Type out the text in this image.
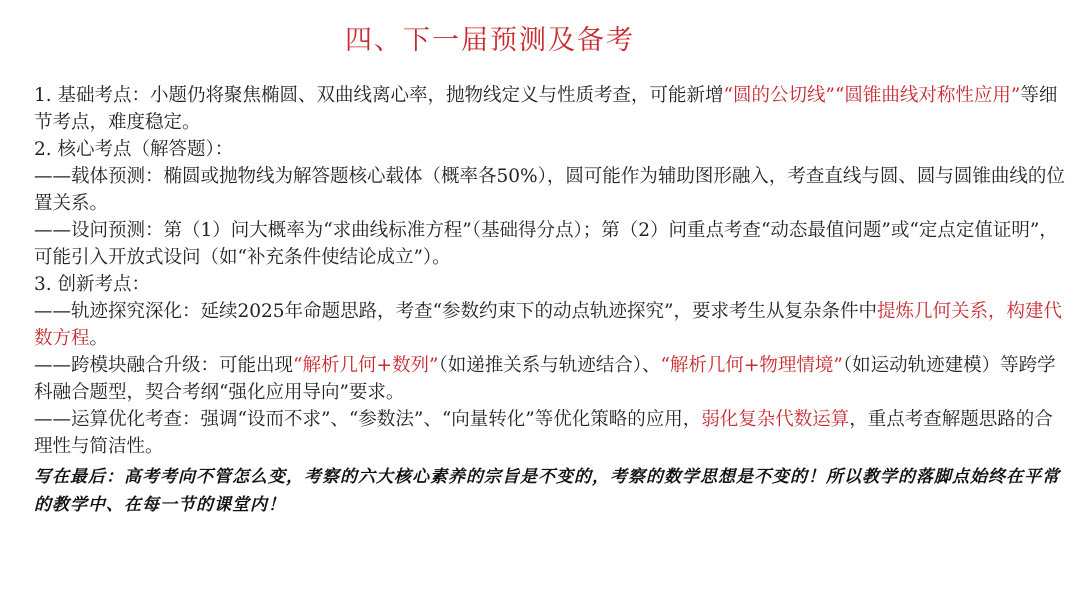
四、下一届预测及备考

1. 基础考点：小题仍将聚焦椭圆、双曲线离心率，抛物线定义与性质考查，可能新增“圆的公切线”“圆锥曲线对称性应用”等细节考点，难度稳定。

2. 核心考点（解答题）：

——载体预测：椭圆或抛物线为解答题核心载体（概率各50%），圆可能作为辅助图形融入，考查直线与圆、圆与圆锥曲线的位置关系。

——设问预测：第（1）问大概率为“求曲线标准方程”（基础得分点）；第（2）问重点考查“动态最值问题”或“定点定值证明”，可能引入开放式设问（如“补充条件使结论成立”）。

3. 创新考点：

——轨迹探究深化：延续2025年命题思路，考查“参数约束下的动点轨迹探究”，要求考生从复杂条件中提炼几何关系，构建代数方程。

——跨模块融合升级：可能出现“解析几何+数列”（如递推关系与轨迹结合）、“解析几何+物理情境”（如运动轨迹建模）等跨学科融合题型，契合考纲“强化应用导向”要求。

——运算优化考查：强调“设而不求”、“参数法”、“向量转化”等优化策略的应用，弱化复杂代数运算，重点考查解题思路的合理性与简洁性。

写在最后：高考考向不管怎么变，考察的六大核心素养的宗旨是不变的，考察的数学思想是不变的！所以教学的落脚点始终在平常的教学中、在每一节的课堂内！
